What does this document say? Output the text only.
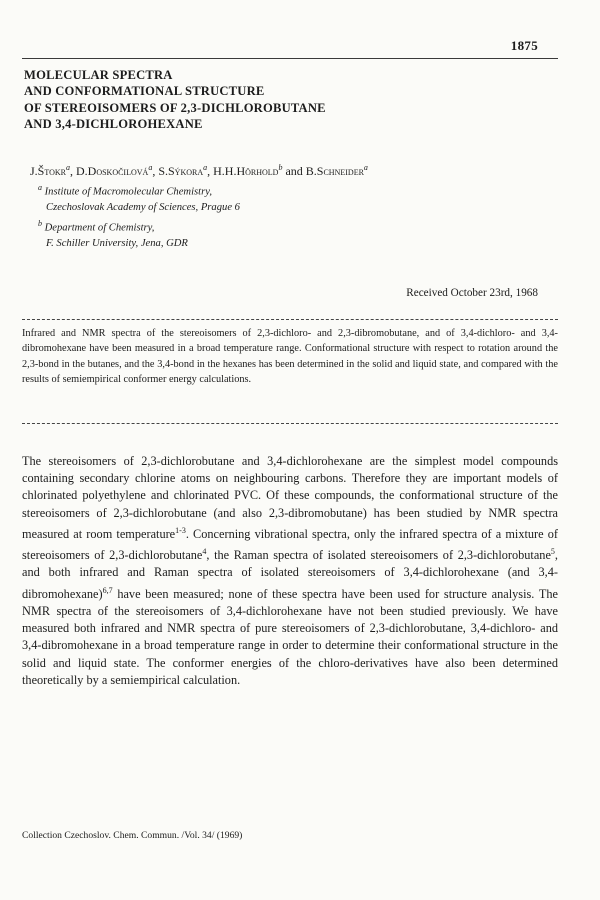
1875
MOLECULAR SPECTRA
AND CONFORMATIONAL STRUCTURE
OF STEREOISOMERS OF 2,3-DICHLOROBUTANE
AND 3,4-DICHLOROHEXANE
J.Štokr$^a$, D.Doskočilová$^a$, S.Sýkora$^a$, H.H.Hörhold$^b$ and B.Schneider$^a$
$^a$ Institute of Macromolecular Chemistry,
Czechoslovak Academy of Sciences, Prague 6
$^b$ Department of Chemistry,
F. Schiller University, Jena, GDR
Received October 23rd, 1968
Infrared and NMR spectra of the stereoisomers of 2,3-dichloro- and 2,3-dibromobutane, and of 3,4-dichloro- and 3,4-dibromohexane have been measured in a broad temperature range. Conformational structure with respect to rotation around the 2,3-bond in the butanes, and the 3,4-bond in the hexanes has been determined in the solid and liquid state, and compared with the results of semiempirical conformer energy calculations.
The stereoisomers of 2,3-dichlorobutane and 3,4-dichlorohexane are the simplest model compounds containing secondary chlorine atoms on neighbouring carbons. Therefore they are important models of chlorinated polyethylene and chlorinated PVC. Of these compounds, the conformational structure of the stereoisomers of 2,3-dichlorobutane (and also 2,3-dibromobutane) has been studied by NMR spectra measured at room temperature$^{1-3}$. Concerning vibrational spectra, only the infrared spectra of a mixture of stereoisomers of 2,3-dichlorobutane$^4$, the Raman spectra of isolated stereoisomers of 2,3-dichlorobutane$^5$, and both infrared and Raman spectra of isolated stereoisomers of 3,4-dichlorohexane (and 3,4-dibromohexane)$^{6,7}$ have been measured; none of these spectra have been used for structure analysis. The NMR spectra of the stereoisomers of 3,4-dichlorohexane have not been studied previously. We have measured both infrared and NMR spectra of pure stereoisomers of 2,3-dichlorobutane, 3,4-dichloro- and 3,4-dibromohexane in a broad temperature range in order to determine their conformational structure in the solid and liquid state. The conformer energies of the chloro-derivatives have also been determined theoretically by a semiempirical calculation.
Collection Czechoslov. Chem. Commun. /Vol. 34/ (1969)
